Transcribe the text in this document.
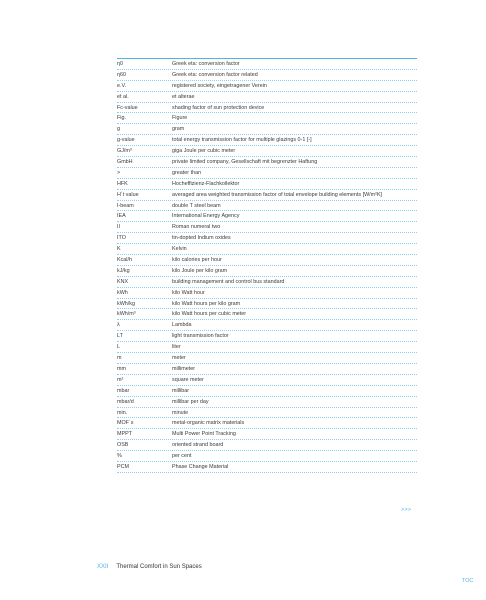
η0	Greek eta: conversion factor
η60	Greek eta: conversion factor related
e.V.	registered society, eingetragener Verein
et al.	et alterae
Fc-value	shading factor of sun protection device
Fig.	Figure
g	gram
g-value	total energy transmission factor for multiple glazings 0-1 [-]
GJ/m³	giga Joule per cubic meter
GmbH	private limited company, Gesellschaft mit begrenzter Haftung
>	greater than
HFK	Hocheffizienz-Flachkollektor
H´t value	averaged area weighted transmission factor of total envelope building elements [W/m²K]
I-beam	double T steel beam
IEA	International Energy Agency
II	Roman numeral two
ITO	tin-dopted Indium oxides
K	Kelvin
Kcal/h	kilo calories per hour
kJ/kg	kilo Joule per kilo gram
KNX	building management and control bus standard
kWh	kilo Watt hour
kWh/kg	kilo Watt hours per kilo gram
kWh/m³	kilo Watt hours per cubic meter
λ	Lambda
LT	light transmission factor
L	liter
m	meter
mm	millimeter
m²	square meter
mbar	millibar
mbar/d	millibar per day
min.	minute
MOF´s	metal-organic matrix materials
MPPT	Multi Power Point Tracking
OSB	oriented strand board
%	per cent
PCM	Phase Change Material
>>>
XXII Thermal Comfort in Sun Spaces
TOC
